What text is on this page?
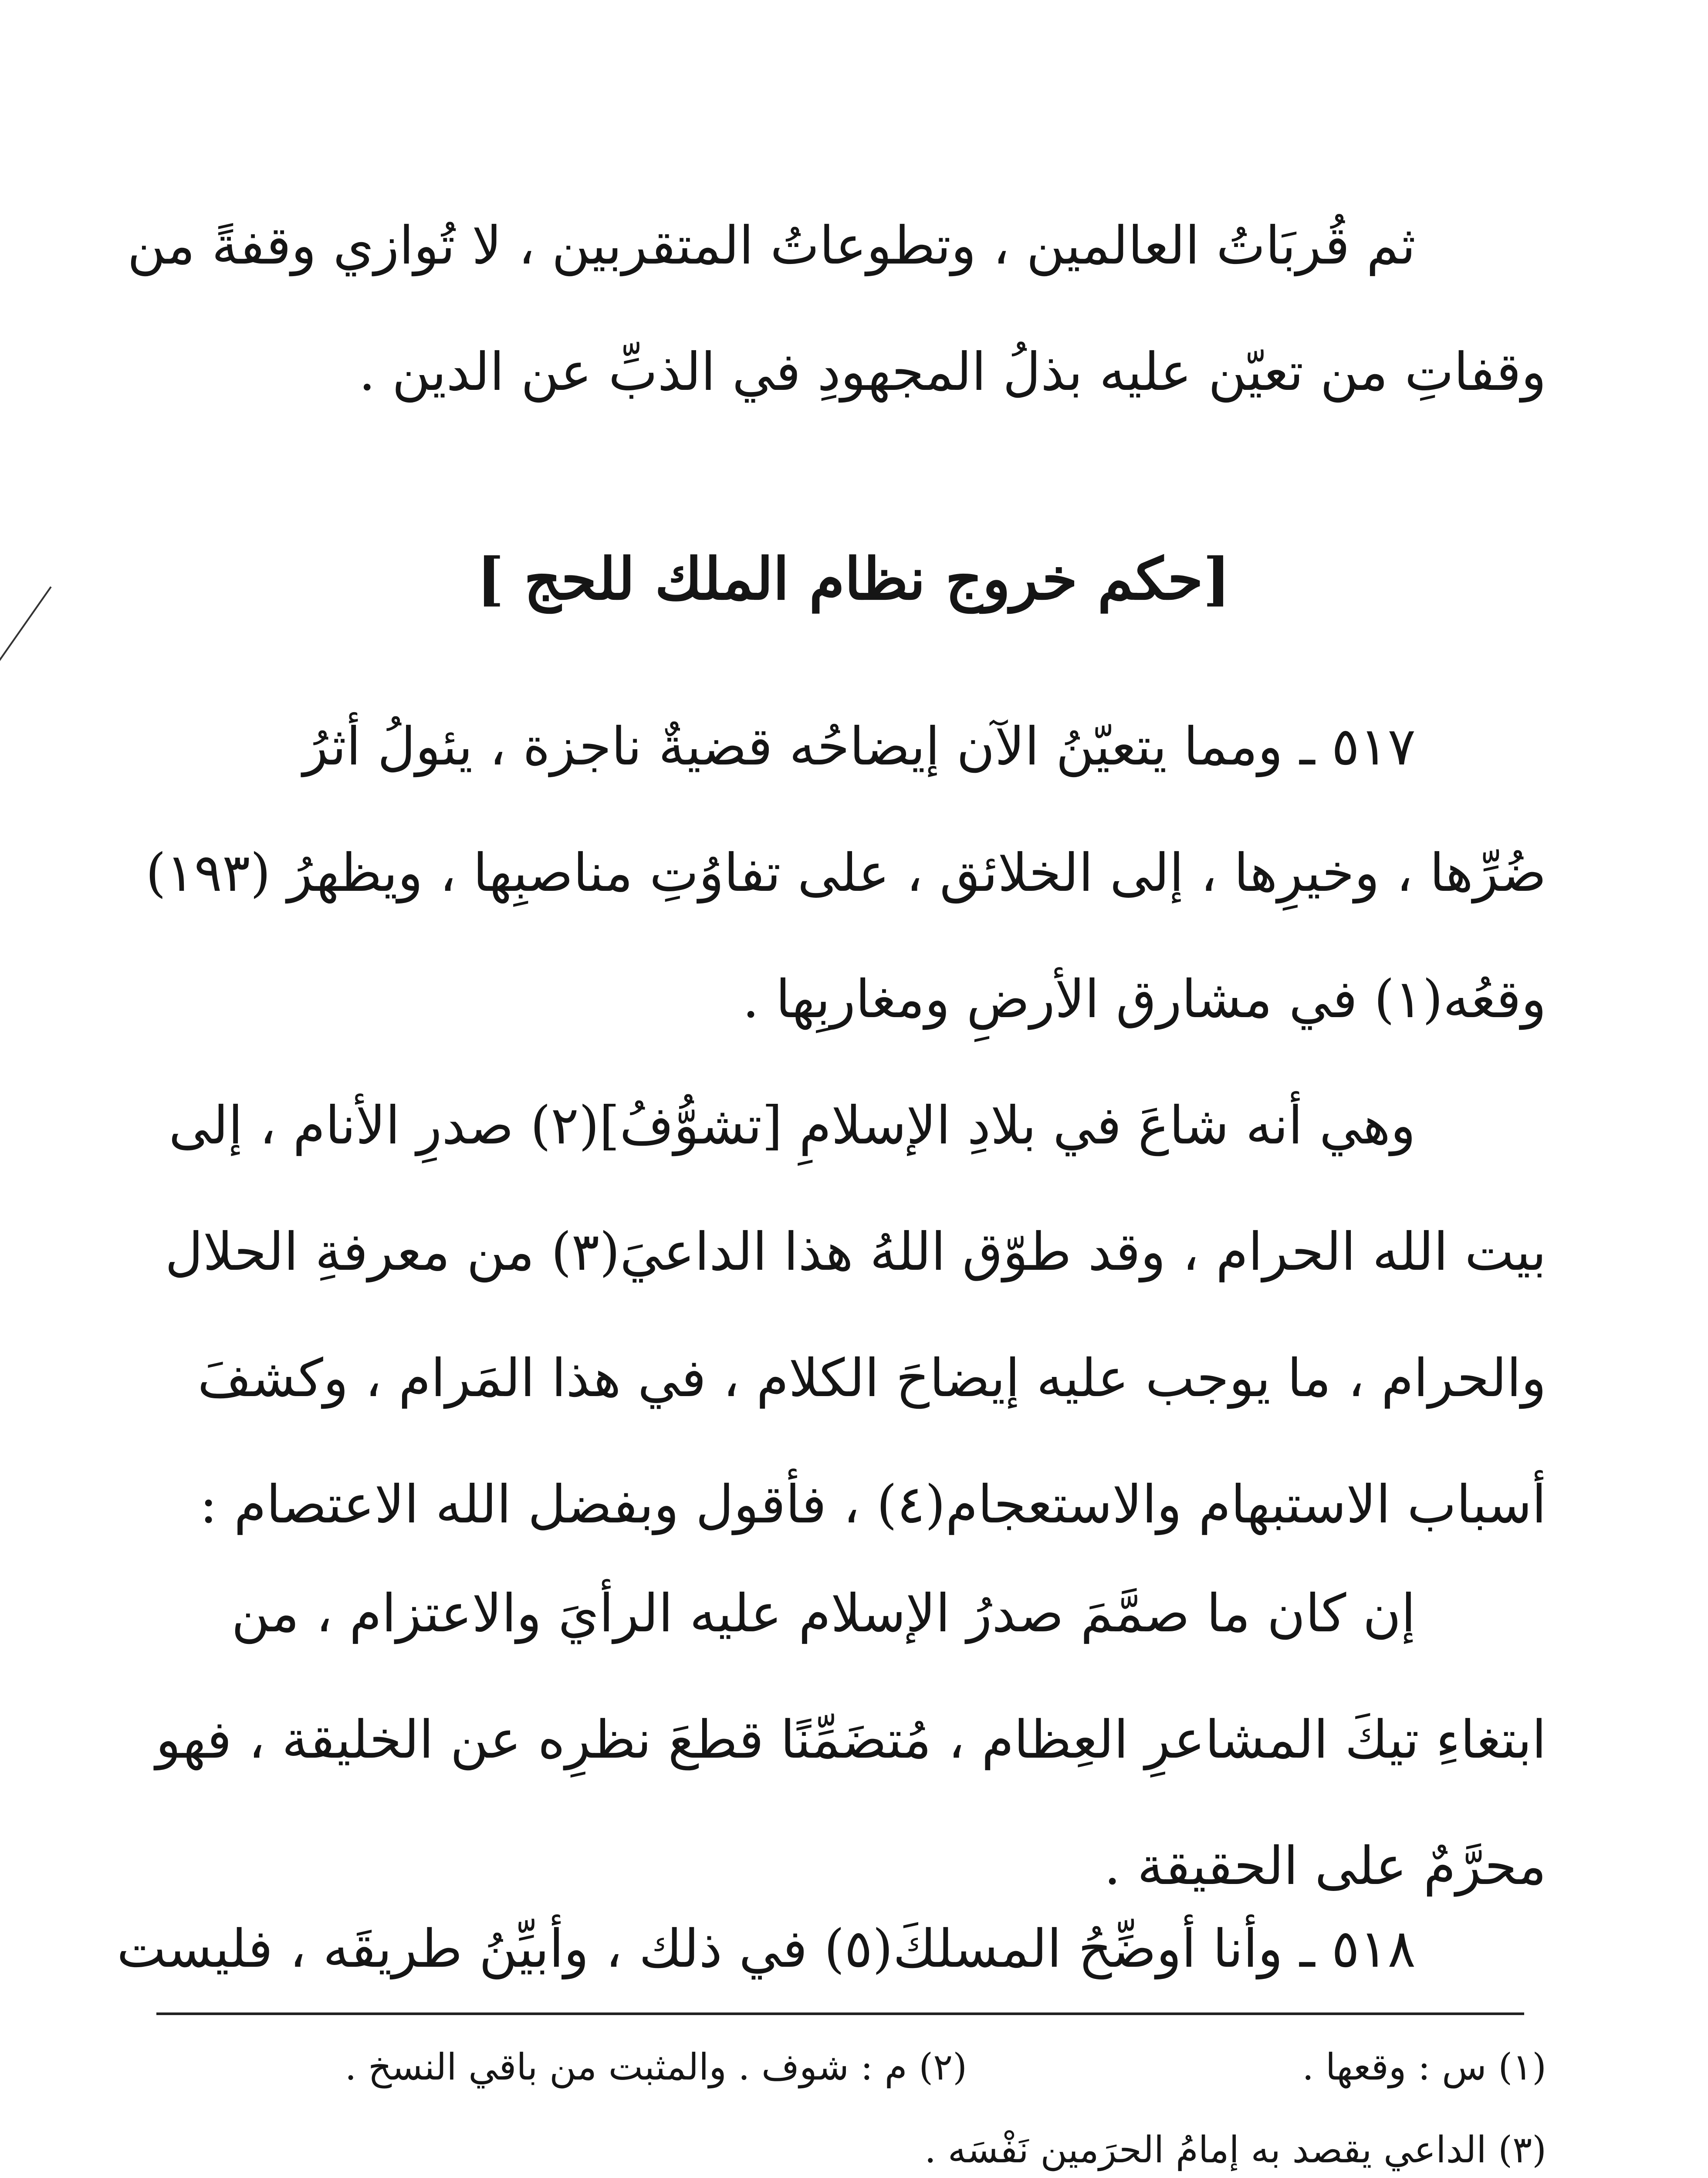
ثم قُربَاتُ العالمين ، وتطوعاتُ المتقربين ، لا تُوازي وقفةً من
وقفاتِ من تعيّن عليه بذلُ المجهودِ في الذبِّ عن الدين .
[حكم خروج نظام الملك للحج ]
٥١٧ ـ ومما يتعيّنُ الآن إيضاحُه قضيةٌ ناجزة ، يئولُ أثرُ
ضُرِّها ، وخيرِها ، إلى الخلائق ، على تفاوُتِ مناصبِها ، ويظهرُ (١٩٣)
وقعُه(١) في مشارق الأرضِ ومغاربِها .
وهي أنه شاعَ في بلادِ الإسلامِ [تشوُّفُ](٢) صدرِ الأنام ، إلى
بيت الله الحرام ، وقد طوّق اللهُ هذا الداعيَ(٣) من معرفةِ الحلال
والحرام ، ما يوجب عليه إيضاحَ الكلام ، في هذا المَرام ، وكشفَ
أسباب الاستبهام والاستعجام(٤) ، فأقول وبفضل الله الاعتصام :
إن كان ما صمَّمَ صدرُ الإسلام عليه الرأيَ والاعتزام ، من
ابتغاءِ تيكَ المشاعرِ العِظام ، مُتضَمِّنًا قطعَ نظرِه عن الخليقة ، فهو
محرَّمٌ على الحقيقة .
٥١٨ ـ وأنا أوضِّحُ المسلكَ(٥) في ذلك ، وأبيِّنُ طريقَه ، فليست
(١) س : وقعها .
(٢) م : شوف . والمثبت من باقي النسخ .
(٣) الداعي يقصد به إمامُ الحرَمين نَفْسَه .
